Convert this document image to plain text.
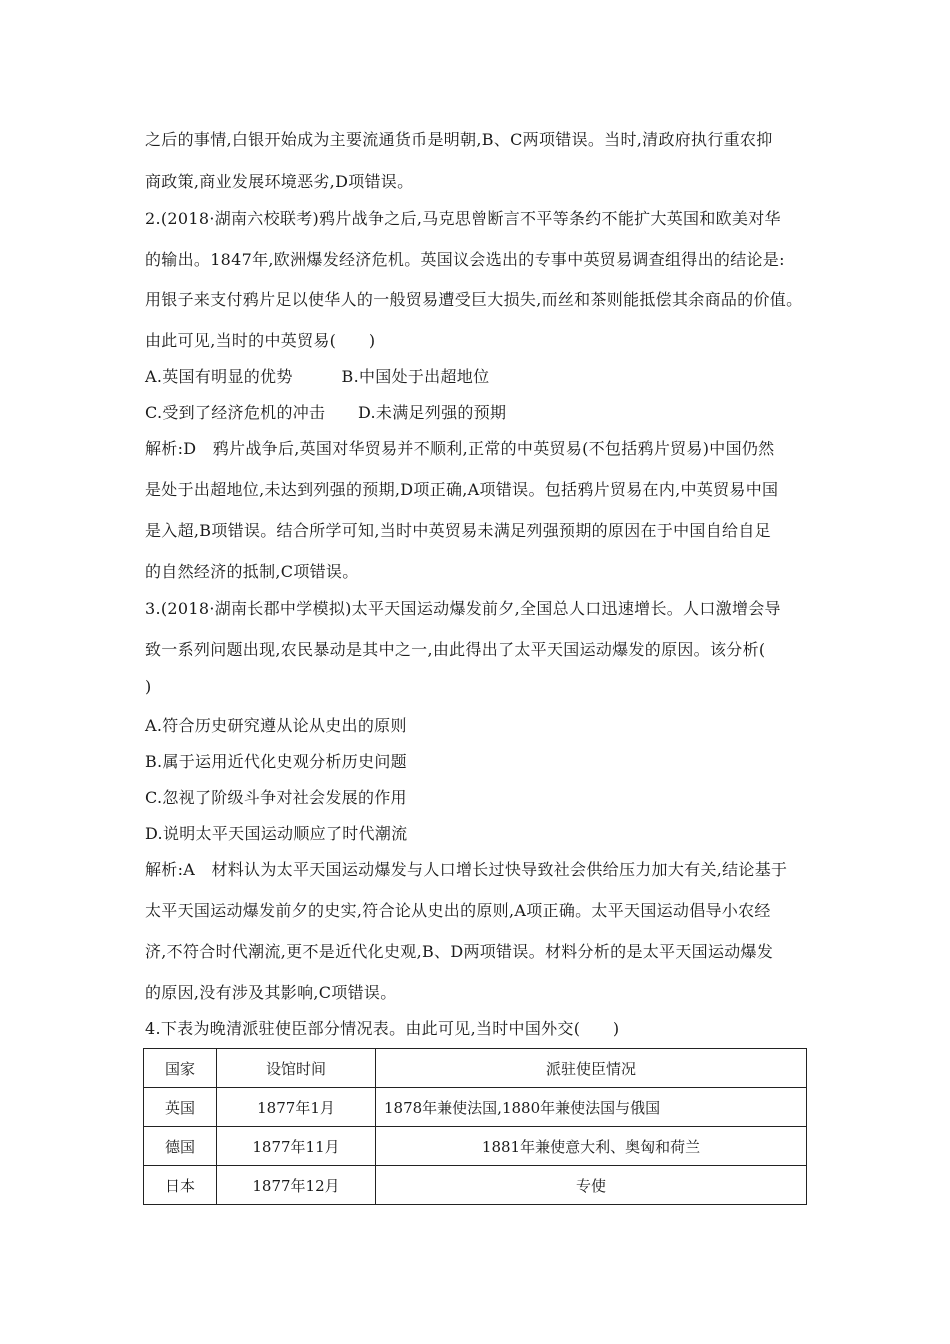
之后的事情,白银开始成为主要流通货币是明朝,B、C两项错误。当时,清政府执行重农抑
商政策,商业发展环境恶劣,D项错误。
2.(2018·湖南六校联考)鸦片战争之后,马克思曾断言不平等条约不能扩大英国和欧美对华
的输出。1847年,欧洲爆发经济危机。英国议会选出的专事中英贸易调查组得出的结论是:
用银子来支付鸦片足以使华人的一般贸易遭受巨大损失,而丝和茶则能抵偿其余商品的价值。
由此可见,当时的中英贸易(　　)
A.英国有明显的优势　　　B.中国处于出超地位
C.受到了经济危机的冲击　　D.未满足列强的预期
解析:D　鸦片战争后,英国对华贸易并不顺利,正常的中英贸易(不包括鸦片贸易)中国仍然
是处于出超地位,未达到列强的预期,D项正确,A项错误。包括鸦片贸易在内,中英贸易中国
是入超,B项错误。结合所学可知,当时中英贸易未满足列强预期的原因在于中国自给自足
的自然经济的抵制,C项错误。
3.(2018·湖南长郡中学模拟)太平天国运动爆发前夕,全国总人口迅速增长。人口激增会导
致一系列问题出现,农民暴动是其中之一,由此得出了太平天国运动爆发的原因。该分析(
)
A.符合历史研究遵从论从史出的原则
B.属于运用近代化史观分析历史问题
C.忽视了阶级斗争对社会发展的作用
D.说明太平天国运动顺应了时代潮流
解析:A　材料认为太平天国运动爆发与人口增长过快导致社会供给压力加大有关,结论基于
太平天国运动爆发前夕的史实,符合论从史出的原则,A项正确。太平天国运动倡导小农经
济,不符合时代潮流,更不是近代化史观,B、D两项错误。材料分析的是太平天国运动爆发
的原因,没有涉及其影响,C项错误。
4.下表为晚清派驻使臣部分情况表。由此可见,当时中国外交(　　)
国家	设馆时间	派驻使臣情况
英国	1877年1月	1878年兼使法国,1880年兼使法国与俄国
德国	1877年11月	1881年兼使意大利、奥匈和荷兰
日本	1877年12月	专使
